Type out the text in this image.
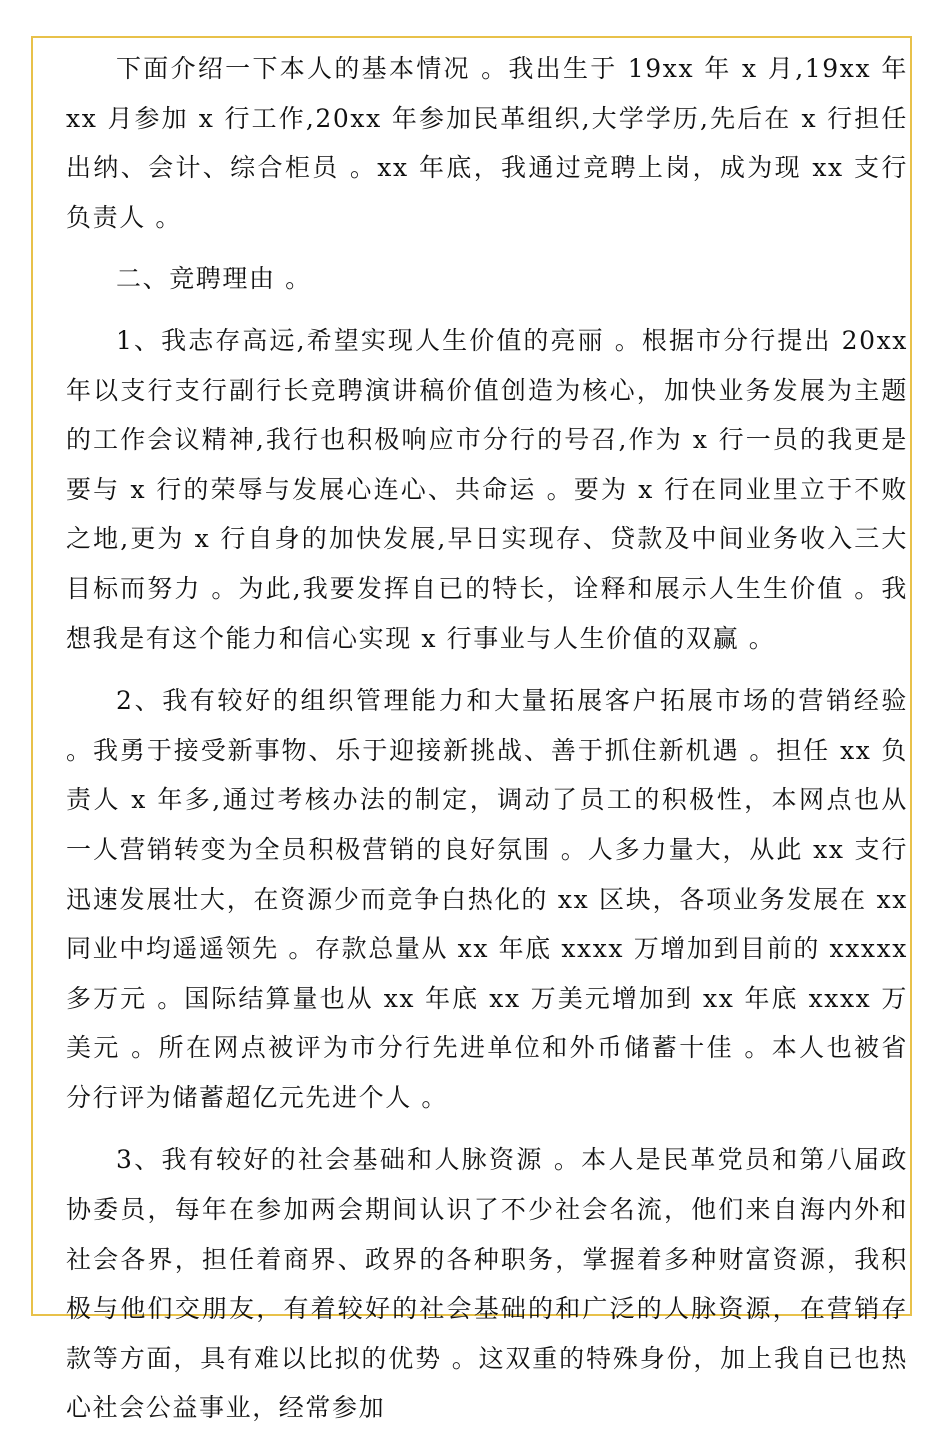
下面介绍一下本人的基本情况 。我出生于 19xx 年 x 月,19xx 年 xx 月参加 x 行工作,20xx 年参加民革组织,大学学历,先后在 x 行担任出纳、会计、综合柜员 。xx 年底，我通过竞聘上岗，成为现 xx 支行负责人 。

二、竞聘理由 。

1、我志存高远,希望实现人生价值的亮丽 。根据市分行提出 20xx 年以支行支行副行长竞聘演讲稿价值创造为核心，加快业务发展为主题的工作会议精神,我行也积极响应市分行的号召,作为 x 行一员的我更是要与 x 行的荣辱与发展心连心、共命运 。要为 x 行在同业里立于不败之地,更为 x 行自身的加快发展,早日实现存、贷款及中间业务收入三大目标而努力 。为此,我要发挥自已的特长，诠释和展示人生生价值 。我想我是有这个能力和信心实现 x 行事业与人生价值的双赢 。

2、我有较好的组织管理能力和大量拓展客户拓展市场的营销经验 。我勇于接受新事物、乐于迎接新挑战、善于抓住新机遇 。担任 xx 负责人 x 年多,通过考核办法的制定，调动了员工的积极性，本网点也从一人营销转变为全员积极营销的良好氛围 。人多力量大，从此 xx 支行迅速发展壮大，在资源少而竞争白热化的 xx 区块，各项业务发展在 xx 同业中均遥遥领先 。存款总量从 xx 年底 xxxx 万增加到目前的 xxxxx 多万元 。国际结算量也从 xx 年底 xx 万美元增加到 xx 年底 xxxx 万美元 。所在网点被评为市分行先进单位和外币储蓄十佳 。本人也被省分行评为储蓄超亿元先进个人 。

3、我有较好的社会基础和人脉资源 。本人是民革党员和第八届政协委员，每年在参加两会期间认识了不少社会名流，他们来自海内外和社会各界，担任着商界、政界的各种职务，掌握着多种财富资源，我积极与他们交朋友，有着较好的社会基础的和广泛的人脉资源，在营销存款等方面，具有难以比拟的优势 。这双重的特殊身份，加上我自已也热心社会公益事业，经常参加
